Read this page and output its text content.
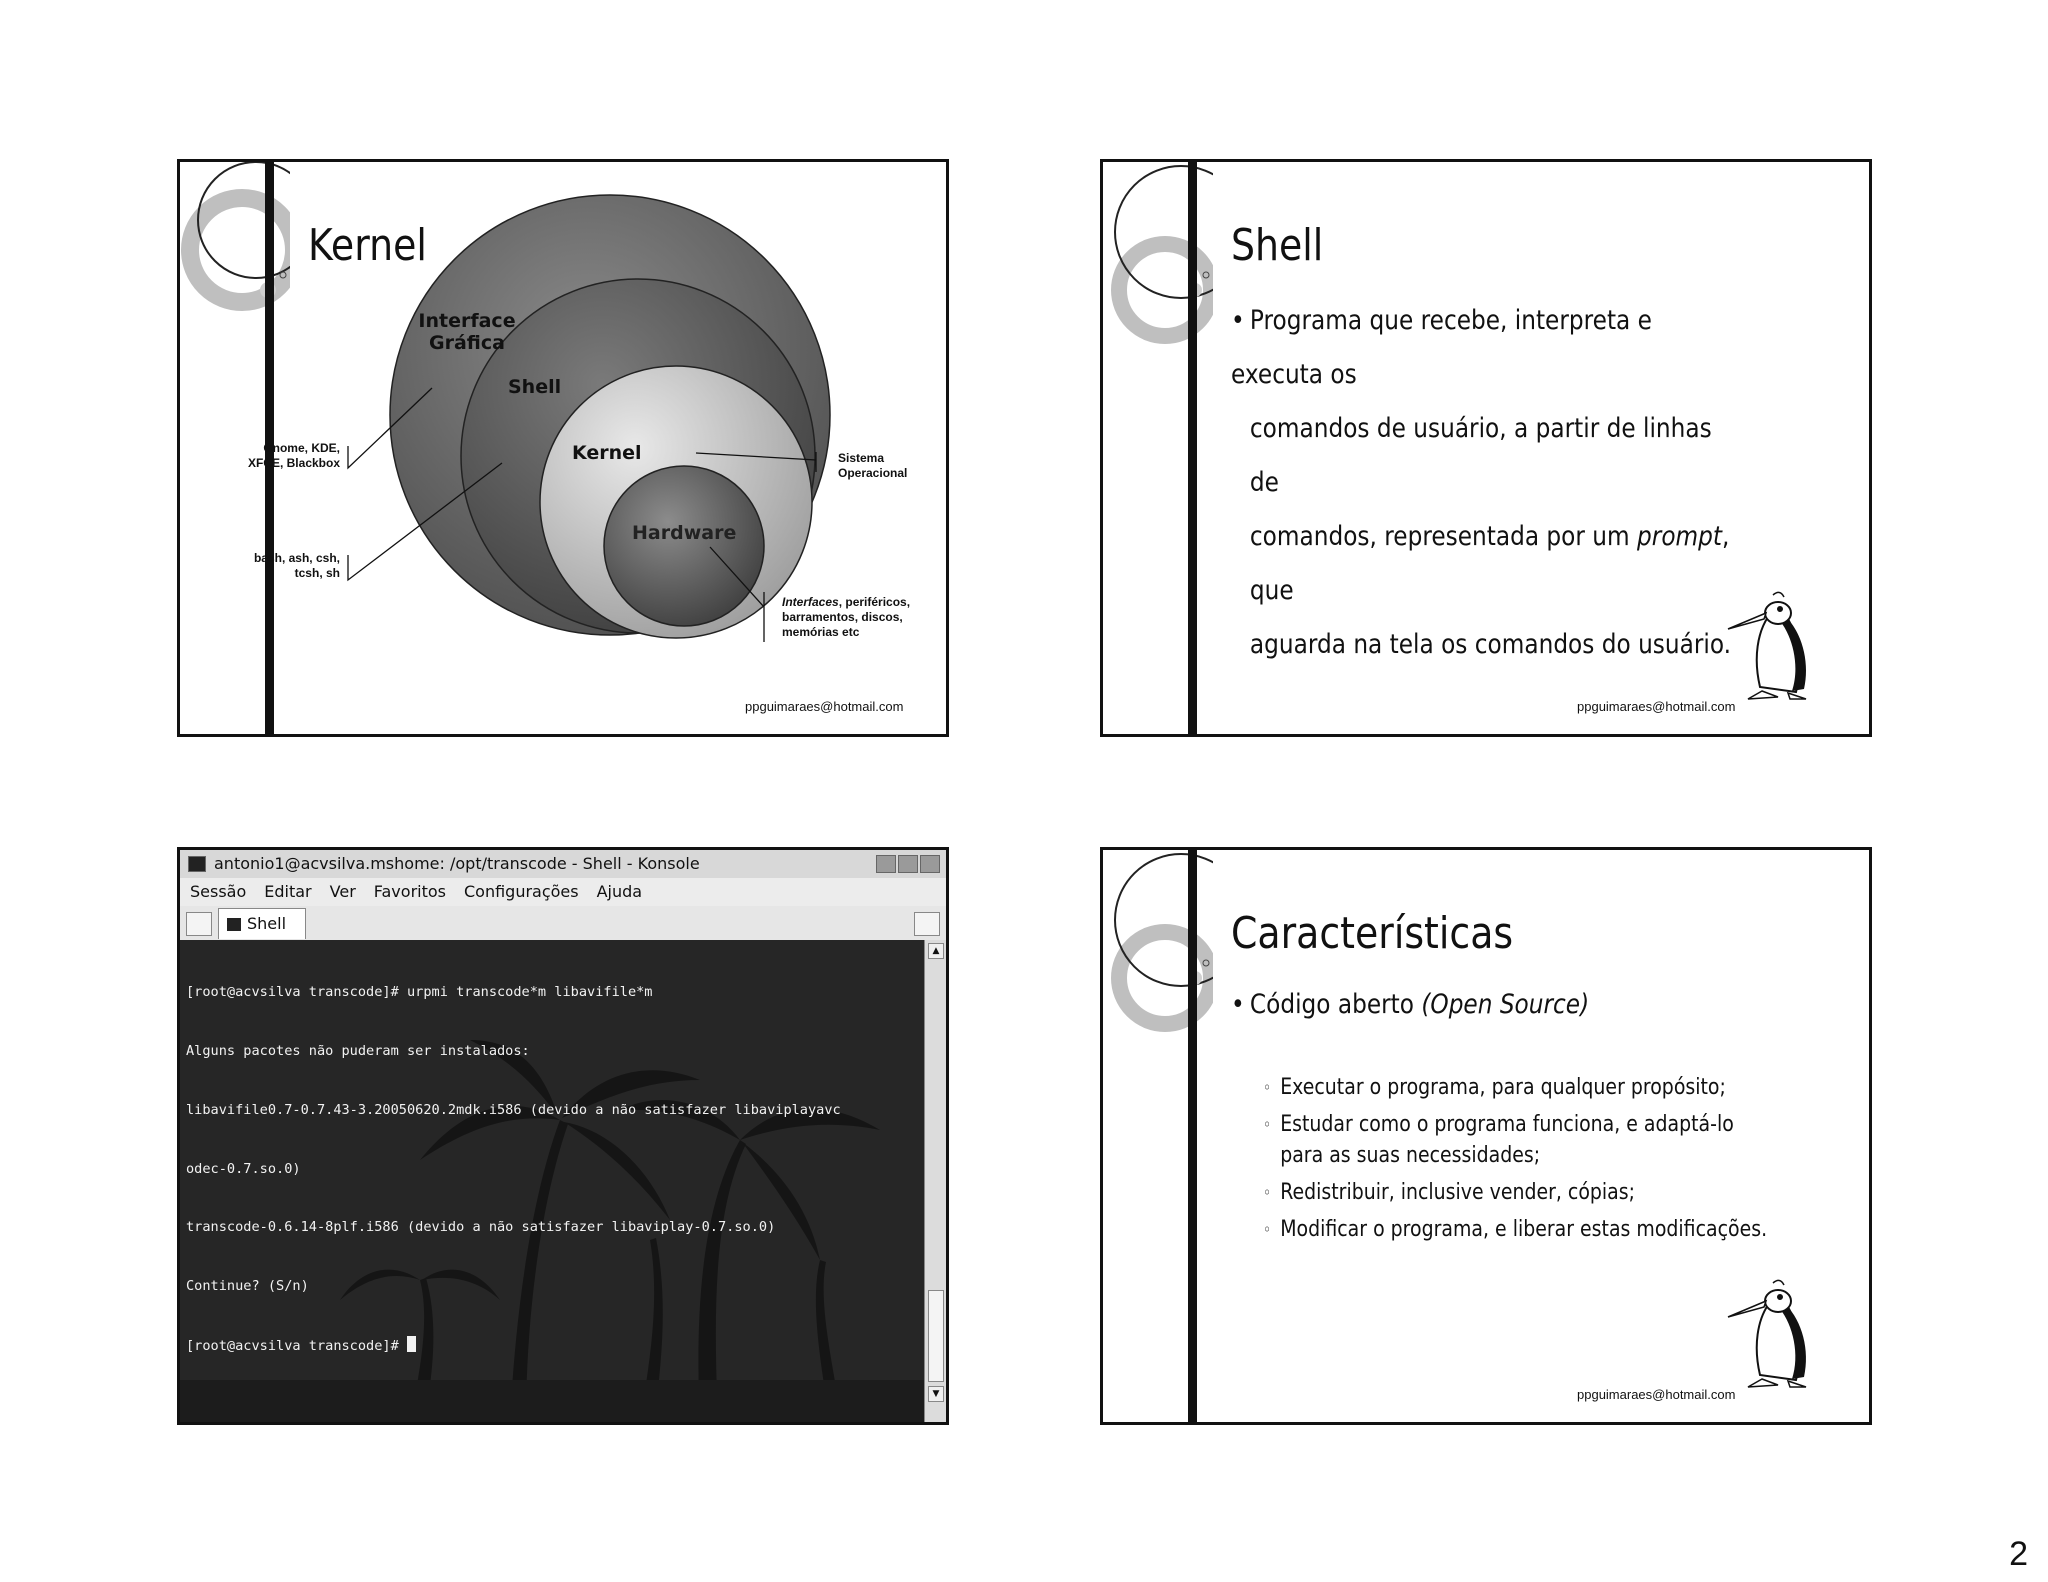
Kernel
Interface
Gráfica
Shell
Kernel
Hardware
Gnome, KDE,
XFCE, Blackbox
bash, ash, csh,
tcsh, sh
Sistema
Operacional
Interfaces, periféricos,
barramentos, discos,
memórias etc
ppguimaraes@hotmail.com
Shell
• Programa que recebe, interpreta e executa os
comandos de usuário, a partir de linhas de
comandos, representada por um prompt, que
aguarda na tela os comandos do usuário.
ppguimaraes@hotmail.com
antonio1@acvsilva.mshome: /opt/transcode - Shell - Konsole
Sessão Editar Ver Favoritos Configurações Ajuda
Shell

[root@acvsilva transcode]# urpmi transcode*m libavifile*m

Alguns pacotes não puderam ser instalados:

libavifile0.7-0.7.43-3.20050620.2mdk.i586 (devido a não satisfazer libaviplayavc

odec-0.7.so.0)

transcode-0.6.14-8plf.i586 (devido a não satisfazer libaviplay-0.7.so.0)

Continue? (S/n)

[root@acvsilva transcode]#

▲
▼
Características
• Código aberto (Open Source)
◦ Executar o programa, para qualquer propósito;
◦ Estudar como o programa funciona, e adaptá-lo para as suas necessidades;
◦ Redistribuir, inclusive vender, cópias;
◦ Modificar o programa, e liberar estas modificações.
ppguimaraes@hotmail.com
2
